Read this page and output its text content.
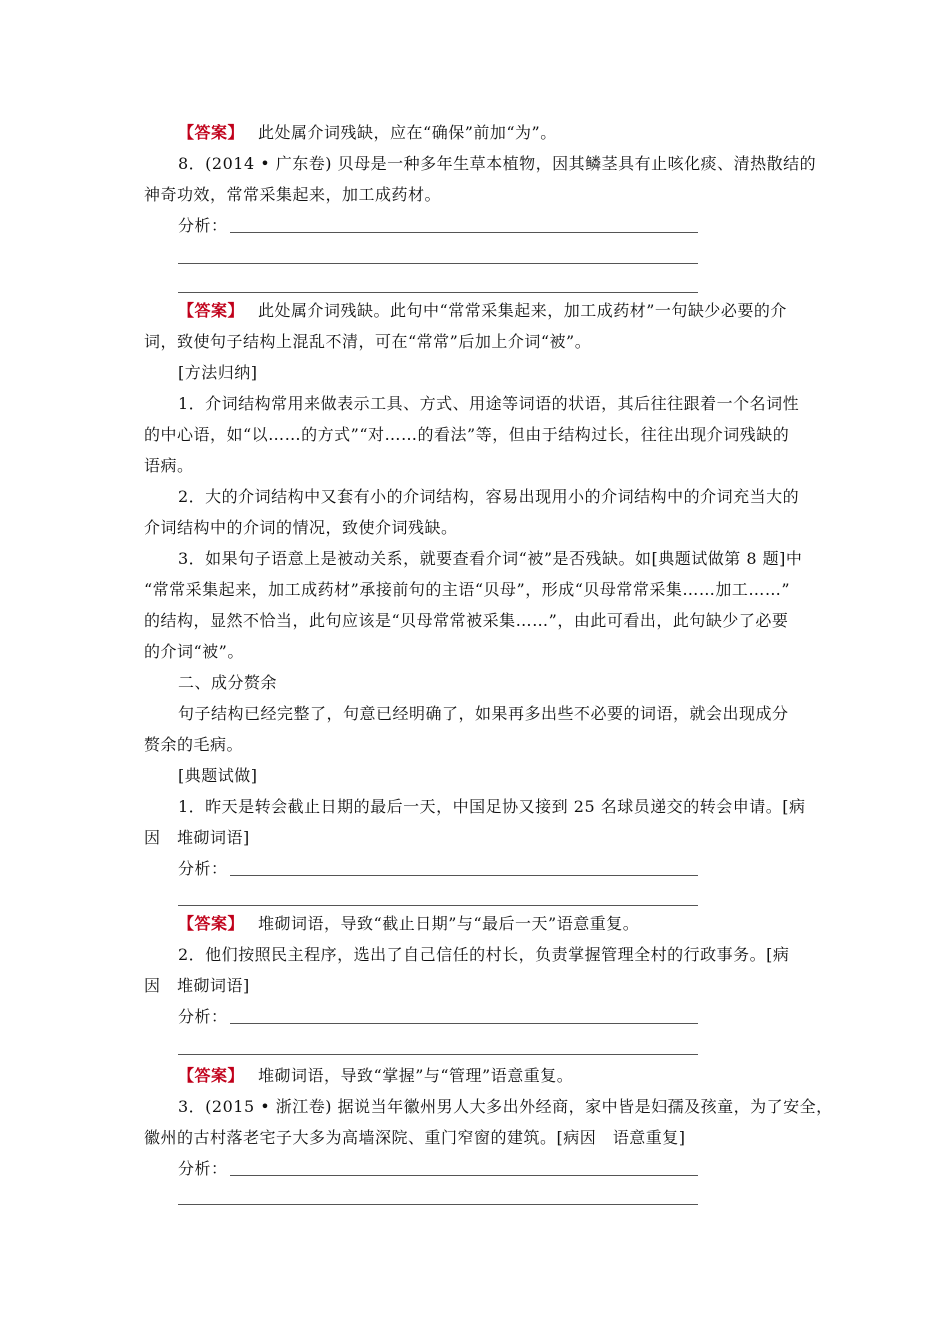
【答案】 此处属介词残缺，应在“确保”前加“为”。
8．(2014 • 广东卷) 贝母是一种多年生草本植物，因其鳞茎具有止咳化痰、清热散结的
神奇功效，常常采集起来，加工成药材。
分析：
【答案】 此处属介词残缺。此句中“常常采集起来，加工成药材”一句缺少必要的介
词，致使句子结构上混乱不清，可在“常常”后加上介词“被”。
[方法归纳]
1．介词结构常用来做表示工具、方式、用途等词语的状语，其后往往跟着一个名词性
的中心语，如“以……的方式”“对……的看法”等，但由于结构过长，往往出现介词残缺的
语病。
2．大的介词结构中又套有小的介词结构，容易出现用小的介词结构中的介词充当大的
介词结构中的介词的情况，致使介词残缺。
3．如果句子语意上是被动关系，就要查看介词“被”是否残缺。如[典题试做第 8 题]中
“常常采集起来，加工成药材”承接前句的主语“贝母”，形成“贝母常常采集……加工……”
的结构，显然不恰当，此句应该是“贝母常常被采集……”，由此可看出，此句缺少了必要
的介词“被”。
二、成分赘余
句子结构已经完整了，句意已经明确了，如果再多出些不必要的词语，就会出现成分
赘余的毛病。
[典题试做]
1．昨天是转会截止日期的最后一天，中国足协又接到 25 名球员递交的转会申请。[病
因　堆砌词语]
分析：
【答案】 堆砌词语，导致“截止日期”与“最后一天”语意重复。
2．他们按照民主程序，选出了自己信任的村长，负责掌握管理全村的行政事务。[病
因　堆砌词语]
分析：
【答案】 堆砌词语，导致“掌握”与“管理”语意重复。
3．(2015 • 浙江卷) 据说当年徽州男人大多出外经商，家中皆是妇孺及孩童，为了安全，
徽州的古村落老宅子大多为高墙深院、重门窄窗的建筑。[病因　语意重复]
分析：
